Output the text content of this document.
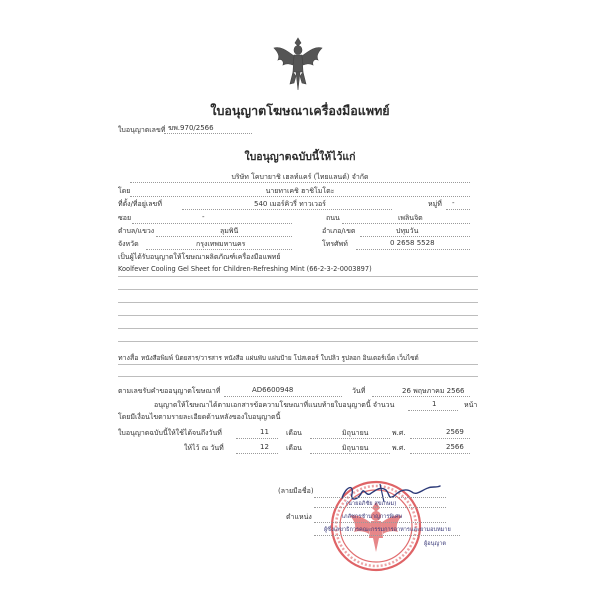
ใบอนุญาตโฆษณาเครื่องมือแพทย์
ใบอนุญาตเลขที่ ฆพ.970/2566
ใบอนุญาตฉบับนี้ให้ไว้แก่
บริษัท โคบายาชิ เฮลท์แคร์ (ไทยแลนด์) จำกัด
โดย	นายทาเคชิ ฮาชิโมโตะ
ที่ตั้ง/ที่อยู่เลขที่	540 เมอร์คิวรี่ ทาวเวอร์	หมู่ที่ -
ซอย	-	ถนน	เพลินจิต
ตำบล/แขวง	ลุมพินี	อำเภอ/เขต	ปทุมวัน
จังหวัด	กรุงเทพมหานคร	โทรศัพท์	0 2658 5528
เป็นผู้ได้รับอนุญาตให้โฆษณาผลิตภัณฑ์เครื่องมือแพทย์
Koolfever Cooling Gel Sheet for Children-Refreshing Mint (66-2-3-2-0003897)
ทางสื่อ หนังสือพิมพ์ นิตยสาร/วารสาร หนังสือ แผ่นพับ แผ่นป้าย โปสเตอร์ ใบปลิว รูปลอก อินเตอร์เน็ต เว็บไซต์
ตามเลขรับคำขออนุญาตโฆษณาที่	AD6600948	วันที่	26 พฤษภาคม 2566
อนุญาตให้โฆษณาได้ตามเอกสารข้อความโฆษณาที่แนบท้ายใบอนุญาตนี้ จำนวน	1	หน้า
โดยมีเงื่อนไขตามรายละเอียดด้านหลังของใบอนุญาตนี้
ใบอนุญาตฉบับนี้ให้ใช้ได้จนถึงวันที่	11 เดือน	มิถุนายน	พ.ศ.	2569
ให้ไว้ ณ วันที่	12 เดือน	มิถุนายน	พ.ศ.	2566
(ลายมือชื่อ)
(นายอภิชัย สุขเกษม)
ตำแหน่ง	เภสัชกรชำนาญการพิเศษ
ผู้ซึ่งเลขาธิการคณะกรรมการอาหารและยามอบหมาย
ผู้อนุญาต
